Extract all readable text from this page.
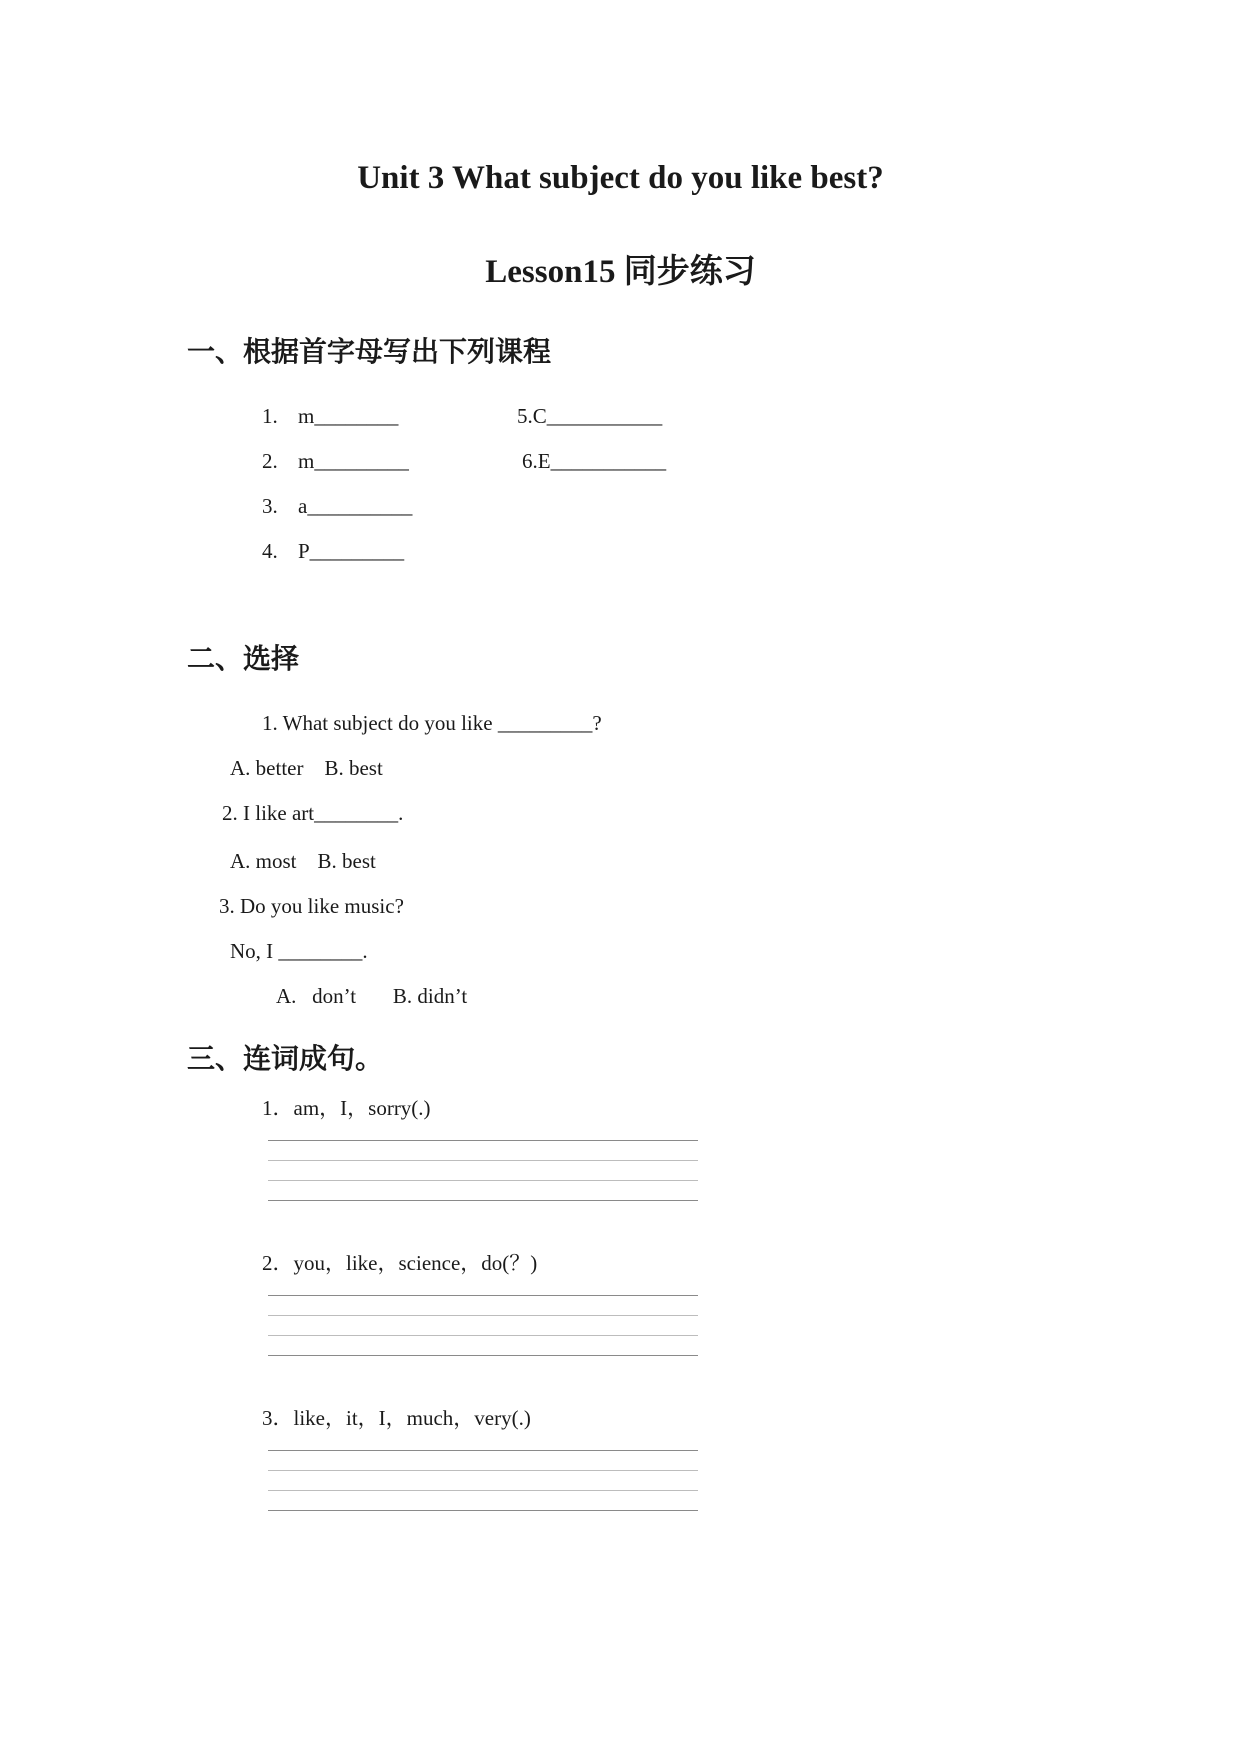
Unit 3 What subject do you like best?
Lesson15 同步练习
一、根据首字母写出下列课程
1. m________	5.C___________
2. m_________	6.E___________
3. a__________
4. P_________
二、选择
1. What subject do you like _________?
A. better    B. best
2. I like art________.
A. most    B. best
3. Do you like music?
No, I ________.
A.   don’t       B. didn’t
三、连词成句。
1．am，I，sorry(.)
2．you，like，science，do(？)
3．like，it，I，much，very(.)
